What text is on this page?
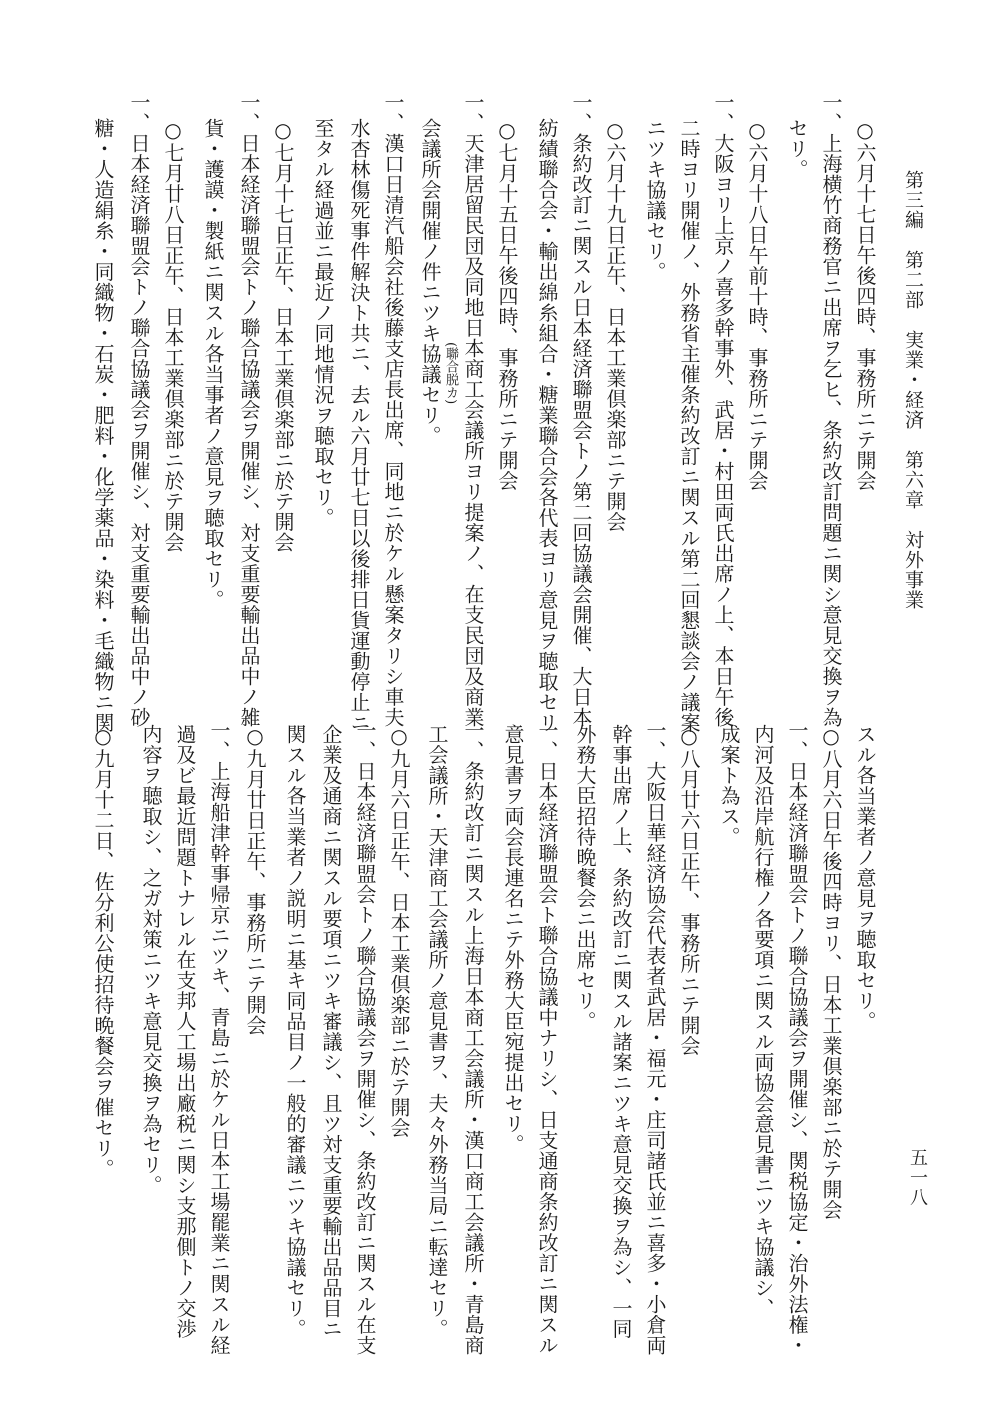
第三編　第二部　実業・経済　第六章　対外事業
五一八
○六月十七日午後四時、事務所ニテ開会
一、上海横竹商務官ニ出席ヲ乞ヒ、条約改訂問題ニ関シ意見交換ヲ為
セリ。
○六月十八日午前十時、事務所ニテ開会
一、大阪ヨリ上京ノ喜多幹事外、武居・村田両氏出席ノ上、本日午後
二時ヨリ開催ノ、外務省主催条約改訂ニ関スル第二回懇談会ノ議案
ニツキ協議セリ。
○六月十九日正午、日本工業倶楽部ニテ開会
一、条約改訂ニ関スル日本経済聯盟会トノ第二回協議会開催、大日本
紡績聯合会・輸出綿糸組合・糖業聯合会各代表ヨリ意見ヲ聴取セリ
○七月十五日午後四時、事務所ニテ開会
一、天津居留民団及同地日本商工会議所ヨリ提案ノ、在支民団及商業
(聯合脱カ)
会議所会開催ノ件ニツキ協議セリ。
一、漢口日清汽船会社後藤支店長出席、同地ニ於ケル懸案タリシ車夫
水杏林傷死事件解決ト共ニ、去ル六月廿七日以後排日貨運動停止ニ
至タル経過並ニ最近ノ同地情況ヲ聴取セリ。
○七月十七日正午、日本工業倶楽部ニ於テ開会
一、日本経済聯盟会トノ聯合協議会ヲ開催シ、対支重要輸出品中ノ雑
貨・護謨・製紙ニ関スル各当事者ノ意見ヲ聴取セリ。
○七月廿八日正午、日本工業倶楽部ニ於テ開会
一、日本経済聯盟会トノ聯合協議会ヲ開催シ、対支重要輸出品中ノ砂
糖・人造絹糸・同織物・石炭・肥料・化学薬品・染料・毛織物ニ関
スル各当業者ノ意見ヲ聴取セリ。
○八月六日午後四時ヨリ、日本工業倶楽部ニ於テ開会
一、日本経済聯盟会トノ聯合協議会ヲ開催シ、関税協定・治外法権・
内河及沿岸航行権ノ各要項ニ関スル両協会意見書ニツキ協議シ、
成案ト為ス。
○八月廿六日正午、事務所ニテ開会
一、大阪日華経済協会代表者武居・福元・庄司諸氏並ニ喜多・小倉両
幹事出席ノ上、条約改訂ニ関スル諸案ニツキ意見交換ヲ為シ、一同
外務大臣招待晩餐会ニ出席セリ。
一、日本経済聯盟会ト聯合協議中ナリシ、日支通商条約改訂ニ関スル
意見書ヲ両会長連名ニテ外務大臣宛提出セリ。
一、条約改訂ニ関スル上海日本商工会議所・漢口商工会議所・青島商
工会議所・天津商工会議所ノ意見書ヲ、夫々外務当局ニ転達セリ。
○九月六日正午、日本工業倶楽部ニ於テ開会
一、日本経済聯盟会トノ聯合協議会ヲ開催シ、条約改訂ニ関スル在支
企業及通商ニ関スル要項ニツキ審議シ、且ツ対支重要輸出品品目ニ
関スル各当業者ノ説明ニ基キ同品目ノ一般的審議ニツキ協議セリ。
○九月廿日正午、事務所ニテ開会
一、上海船津幹事帰京ニツキ、青島ニ於ケル日本工場罷業ニ関スル経
過及ビ最近問題トナレル在支邦人工場出廠税ニ関シ支那側トノ交渉
内容ヲ聴取シ、之ガ対策ニツキ意見交換ヲ為セリ。
○九月十二日、佐分利公使招待晩餐会ヲ催セリ。
